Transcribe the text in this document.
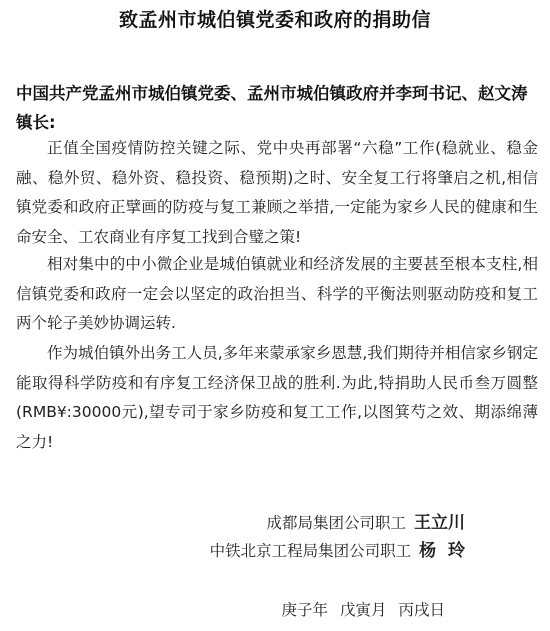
致孟州市城伯镇党委和政府的捐助信
中国共产党孟州市城伯镇党委、孟州市城伯镇政府并李珂书记、赵文涛镇长:
正值全国疫情防控关键之际、党中央再部署“六稳”工作(稳就业、稳金融、稳外贸、稳外资、稳投资、稳预期)之时、安全复工行将肇启之机,相信镇党委和政府正擘画的防疫与复工兼顾之举措,一定能为家乡人民的健康和生命安全、工农商业有序复工找到合璧之策!
相对集中的中小微企业是城伯镇就业和经济发展的主要甚至根本支柱,相信镇党委和政府一定会以坚定的政治担当、科学的平衡法则驱动防疫和复工两个轮子美妙协调运转.
作为城伯镇外出务工人员,多年来蒙承家乡恩慧,我们期待并相信家乡钢定能取得科学防疫和有序复工经济保卫战的胜利.为此,特捐助人民币叁万圆整(RMB¥:30000元),望专司于家乡防疫和复工工作,以图箕芍之效、期添绵薄之力!
成都局集团公司职工 王立川
中铁北京工程局集团公司职工 杨  玲
庚子年 戊寅月 丙戌日
